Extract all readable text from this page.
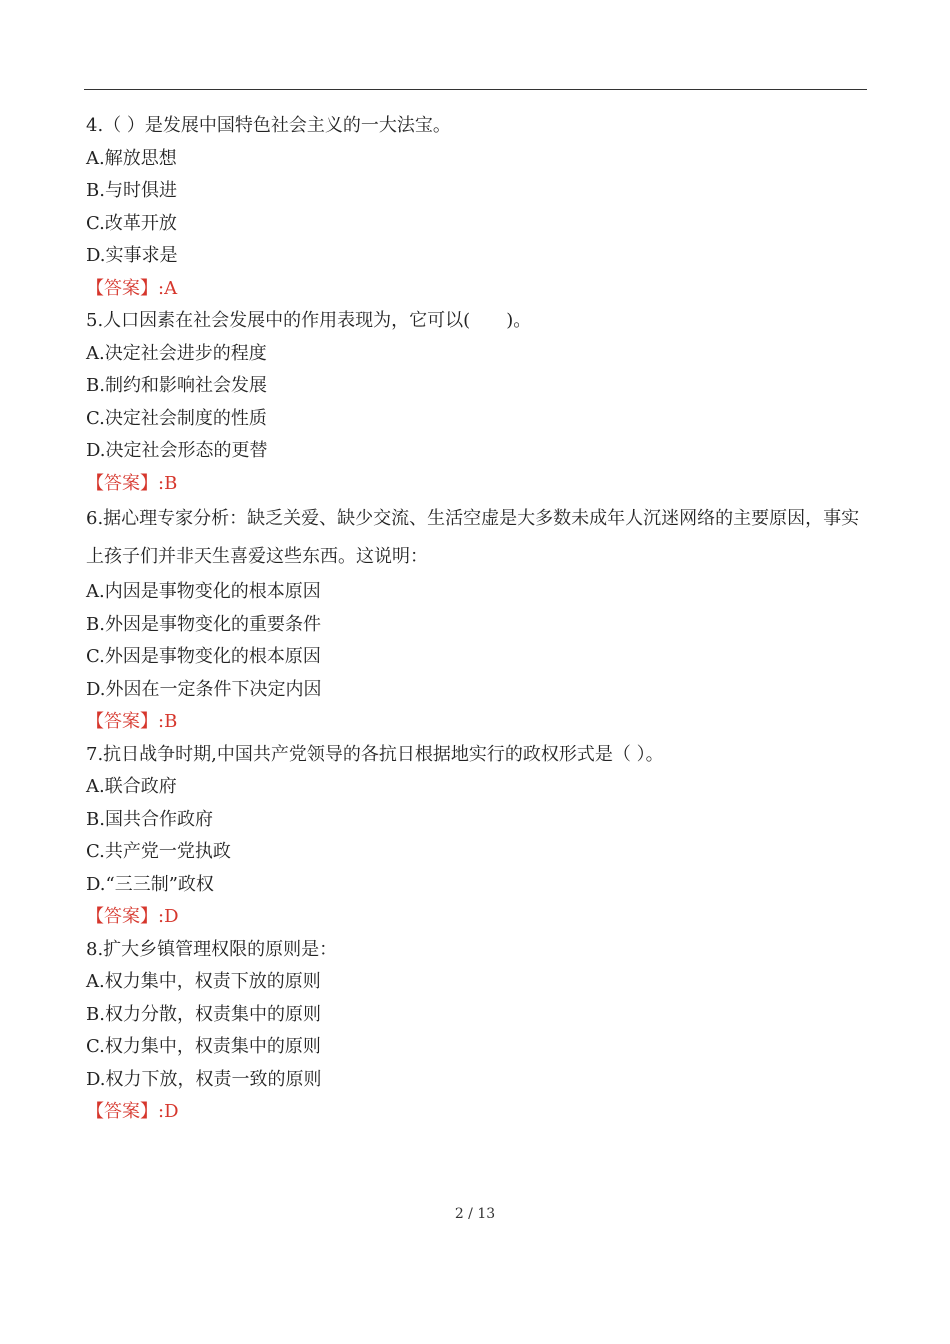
4.（ ）是发展中国特色社会主义的一大法宝。

A.解放思想

B.与时俱进

C.改革开放

D.实事求是

【答案】:A

5.人口因素在社会发展中的作用表现为，它可以(　　)。

A.决定社会进步的程度

B.制约和影响社会发展

C.决定社会制度的性质

D.决定社会形态的更替

【答案】:B

6.据心理专家分析：缺乏关爱、缺少交流、生活空虚是大多数未成年人沉迷网络的主要原因，事实上孩子们并非天生喜爱这些东西。这说明：

A.内因是事物变化的根本原因

B.外因是事物变化的重要条件

C.外因是事物变化的根本原因

D.外因在一定条件下决定内因

【答案】:B

7.抗日战争时期,中国共产党领导的各抗日根据地实行的政权形式是（ ）。

A.联合政府

B.国共合作政府

C.共产党一党执政

D.“三三制”政权

【答案】:D

8.扩大乡镇管理权限的原则是：

A.权力集中，权责下放的原则

B.权力分散，权责集中的原则

C.权力集中，权责集中的原则

D.权力下放，权责一致的原则

【答案】:D

2 / 13
